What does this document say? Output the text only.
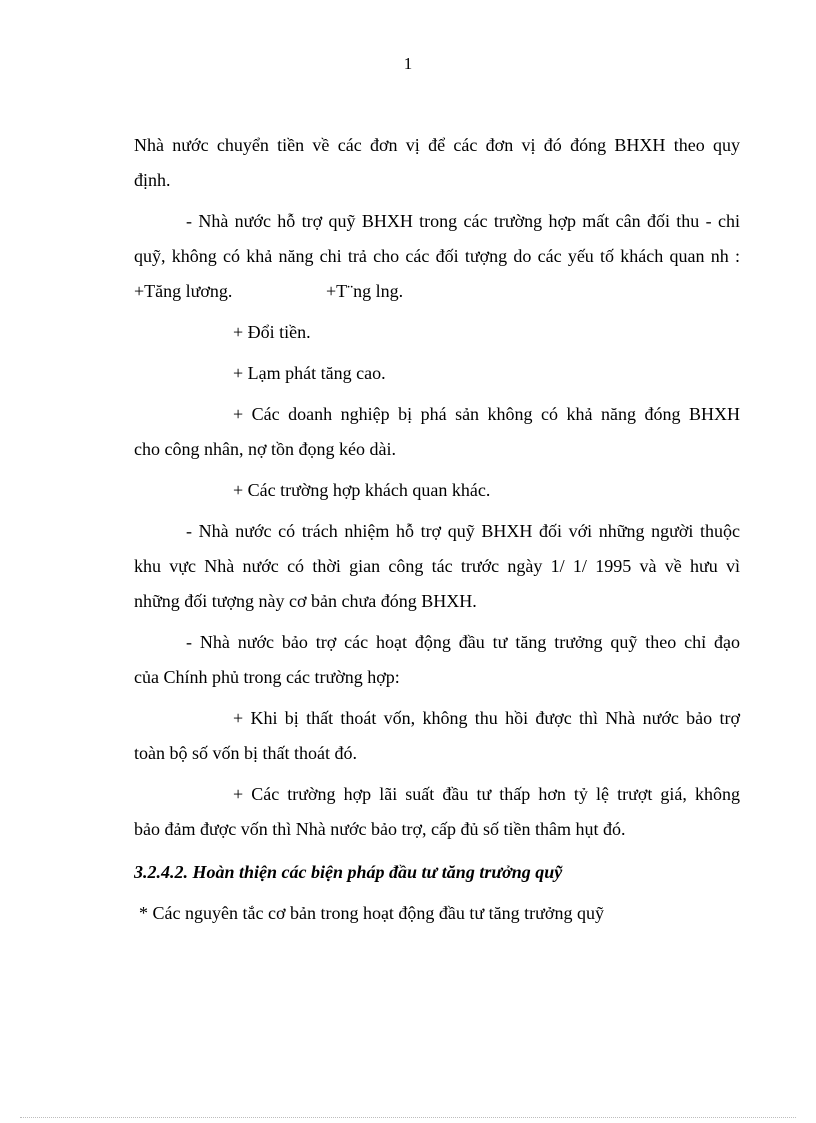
1
Nhà nước chuyển tiền về các đơn vị để các đơn vị đó đóng BHXH theo quy
định.
- Nhà nước hỗ trợ quỹ BHXH trong các trường hợp mất cân đối thu - chi
quỹ, không có khả năng chi trả cho các đối tượng do các yếu tố khách quan nh :
+Tăng lương.	+T¨ng lng.
+ Đổi tiền.
+ Lạm phát tăng cao.
+ Các doanh nghiệp bị phá sản không có khả năng đóng BHXH
cho công nhân, nợ tồn đọng kéo dài.
+ Các trường hợp khách quan khác.
- Nhà nước có trách nhiệm hỗ trợ quỹ BHXH đối với những người thuộc
khu vực Nhà nước có thời gian công tác trước ngày 1/ 1/ 1995 và về hưu vì
những đối tượng này cơ bản chưa đóng BHXH.
- Nhà nước bảo trợ các hoạt động đầu tư tăng trưởng quỹ theo chỉ đạo
của Chính phủ trong các trường hợp:
+ Khi bị thất thoát vốn, không thu hồi được thì Nhà nước bảo trợ
toàn bộ số vốn bị thất thoát đó.
+ Các trường hợp lãi suất đầu tư thấp hơn tỷ lệ trượt giá, không
bảo đảm được vốn thì Nhà nước bảo trợ, cấp đủ số tiền thâm hụt đó.
3.2.4.2. Hoàn thiện các biện pháp đầu tư tăng trưởng quỹ
* Các nguyên tắc cơ bản trong hoạt động đầu tư tăng trưởng quỹ
